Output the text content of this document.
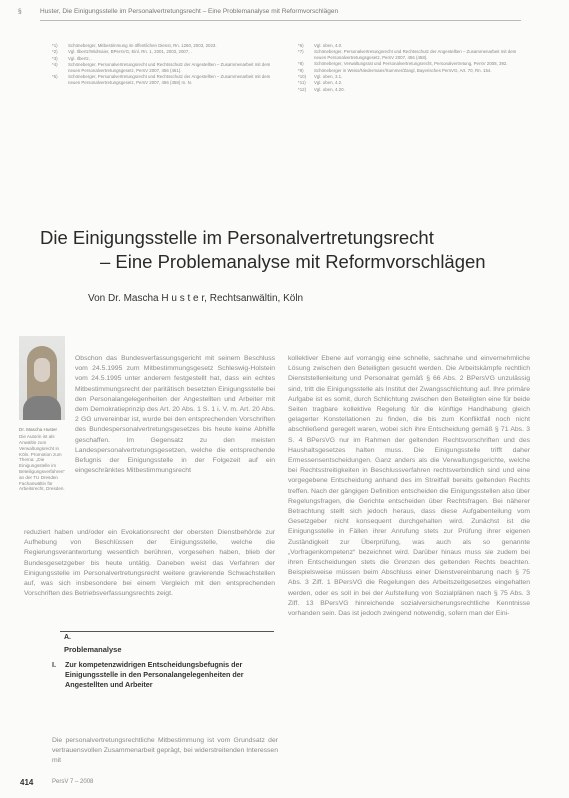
§	Huster, Die Einigungsstelle im Personalvertretungsrecht – Eine Problemanalyse mit Reformvorschlägen
*1) Schöneberger, Mitbestimmung im öffentlichen Dienst, Rn. 1260, 2003, 2023.
*2) Vgl. Ilbertz/Widmaier, BPersVG, Einl. Rn. 1, 2001, 2003, 2007, .
*3) Vgl. Ilbertz, .
*4) Schöneberger, Personalvertretungsrecht und Rechtsschutz der Angestellten – Zusammenarbeit mit dem neuen Personalvertretungsgesetz, PersV 2007, 456 (461).
*5) Schöneberger, Personalvertretungsrecht und Rechtsschutz der Angestellten – Zusammenarbeit mit dem neuen Personalvertretungsgesetz, PersV 2007, 456 (458) m. N.
*6) Vgl. oben, 4.0.
*7) Schöneberger, Personalvertretungsrecht und Rechtsschutz der Angestellten – Zusammenarbeit mit dem neuen Personalvertretungsgesetz, PersV 2007, 456 (458).
*8) Schöneberger, Verwaltungsrat und Personalvertretungsrecht, Personalvertretung, PersV 2008, 392.
*9) Schöneberger in Weiss/Niedermaier/Summer/Zangl, Bayerisches PersVG, Art. 70, Rn. 154.
*10) Vgl. oben, 3.1.
*11) Vgl. oben, 4.2.
*12) Vgl. oben, 4.20.
Die Einigungsstelle im Personalvertretungsrecht
– Eine Problemanalyse mit Reformvorschlägen
Von Dr. Mascha H u s t e r, Rechtsanwältin, Köln
Dr. Mascha Huster
Die Autorin ist als Anwältin zum Verwaltungsrecht in Köln. Promotion zum Thema: „Die Einigungsstelle im Beteiligungsverfahren“ an der TU Dresden Fachanwältin für Arbeitsrecht, Dresden.
Obschon das Bundesverfassungsgericht mit seinem Beschluss vom 24.5.1995 zum Mitbestimmungsgesetz Schleswig-Holstein vom 24.5.1995 unter anderem festgestellt hat, dass ein echtes Mitbestimmungsrecht der paritätisch besetzten Einigungsstelle bei den Personalangelegenheiten der Angestellten und Arbeiter mit dem Demokratieprinzip des Art. 20 Abs. 1 S. 1 i. V. m. Art. 20 Abs. 2 GG unvereinbar ist, wurde bei den entsprechenden Vorschriften des Bundespersonalvertretungsgesetzes bis heute keine Abhilfe geschaffen. Im Gegensatz zu den meisten Landespersonalvertretungsgesetzen, welche die entsprechende Befugnis der Einigungsstelle in der Folgezeit auf ein eingeschränktes Mitbestimmungsrecht
reduziert haben und/oder ein Evokationsrecht der obersten Dienstbehörde zur Aufhebung von Beschlüssen der Einigungsstelle, welche die Regierungsverantwortung wesentlich berühren, vorgesehen haben, blieb der Bundesgesetzgeber bis heute untätig. Daneben weist das Verfahren der Einigungsstelle im Personalvertretungsrecht weitere gravierende Schwachstellen auf, was sich insbesondere bei einem Vergleich mit den entsprechenden Vorschriften des Betriebsverfassungsrechts zeigt.
A.
Problemanalyse
I.	Zur kompetenzwidrigen Entscheidungsbefugnis der Einigungsstelle in den Personalangelegenheiten der Angestellten und Arbeiter
Die personalvertretungsrechtliche Mitbestimmung ist vom Grundsatz der vertrauensvollen Zusammenarbeit geprägt, bei widerstreitenden Interessen mit
kollektiver Ebene auf vorrangig eine schnelle, sachnahe und einvernehmliche Lösung zwischen den Beteiligten gesucht werden. Die Arbeitskämpfe rechtlich Dienststellenleitung und Personalrat gemäß § 66 Abs. 2 BPersVG unzulässig sind, tritt die Einigungsstelle als Institut der Zwangsschlichtung auf. Ihre primäre Aufgabe ist es somit, durch Schlichtung zwischen den Beteiligten eine für beide Seiten tragbare kollektive Regelung für die künftige Handhabung gleich gelagerter Konstellationen zu finden, die bis zum Konfliktfall noch nicht abschließend geregelt waren, wobei sich ihre Entscheidung gemäß § 71 Abs. 3 S. 4 BPersVG nur im Rahmen der geltenden Rechtsvorschriften und des Haushaltsgesetzes halten muss. Die Einigungsstelle trifft daher Ermessensentscheidungen. Ganz anders als die Verwaltungsgerichte, welche bei Rechtsstreitigkeiten in Beschlussverfahren rechtsverbindlich sind und eine vorgegebene Entscheidung anhand des im Streitfall bereits geltenden Rechts treffen. Nach der gängigen Definition entscheiden die Einigungsstellen also über Regelungsfragen, die Gerichte entscheiden über Rechtsfragen. Bei näherer Betrachtung stellt sich jedoch heraus, dass diese Aufgabenteilung vom Gesetzgeber nicht konsequent durchgehalten wird. Zunächst ist die Einigungsstelle in Fällen ihrer Anrufung stets zur Prüfung ihrer eigenen Zuständigkeit zur Überprüfung, was auch als so genannte „Vorfragenkompetenz“ bezeichnet wird. Darüber hinaus muss sie zudem bei ihren Entscheidungen stets die Grenzen des geltenden Rechts beachten. Beispielsweise müssen beim Abschluss einer Dienstvereinbarung nach § 75 Abs. 3 Ziff. 1 BPersVG die Regelungen des Arbeitszeitgesetzes eingehalten werden, oder es soll in bei der Aufstellung von Sozialplänen nach § 75 Abs. 3 Ziff. 13 BPersVG hinreichende sozialversicherungsrechtliche Kenntnisse vorhanden sein. Das ist jedoch zwingend notwendig, sofern man der Eini-
414	PersV 7 – 2008
